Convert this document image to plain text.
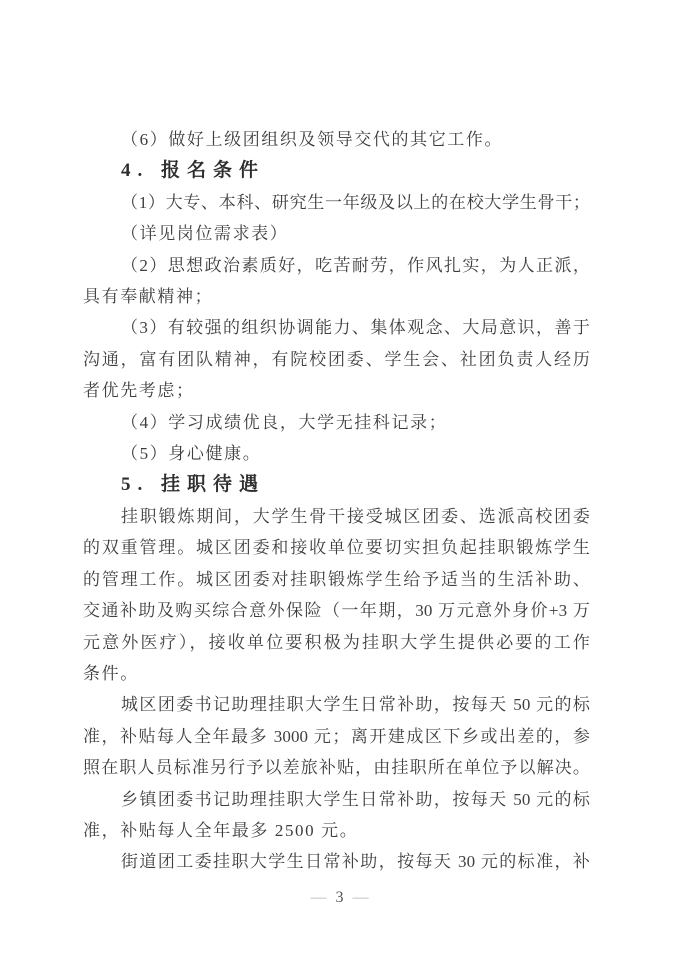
（6）做好上级团组织及领导交代的其它工作。
4. 报名条件
（1）大专、本科、研究生一年级及以上的在校大学生骨干；
（详见岗位需求表）
（2）思想政治素质好，吃苦耐劳，作风扎实，为人正派，
具有奉献精神；
（3）有较强的组织协调能力、集体观念、大局意识，善于
沟通，富有团队精神，有院校团委、学生会、社团负责人经历
者优先考虑；
（4）学习成绩优良，大学无挂科记录；
（5）身心健康。
5. 挂职待遇
挂职锻炼期间，大学生骨干接受城区团委、选派高校团委
的双重管理。城区团委和接收单位要切实担负起挂职锻炼学生
的管理工作。城区团委对挂职锻炼学生给予适当的生活补助、
交通补助及购买综合意外保险（一年期，30 万元意外身价+3 万
元意外医疗），接收单位要积极为挂职大学生提供必要的工作
条件。
城区团委书记助理挂职大学生日常补助，按每天 50 元的标
准，补贴每人全年最多 3000 元；离开建成区下乡或出差的，参
照在职人员标准另行予以差旅补贴，由挂职所在单位予以解决。
乡镇团委书记助理挂职大学生日常补助，按每天 50 元的标
准，补贴每人全年最多 2500 元。
街道团工委挂职大学生日常补助，按每天 30 元的标准，补
— 3 —
